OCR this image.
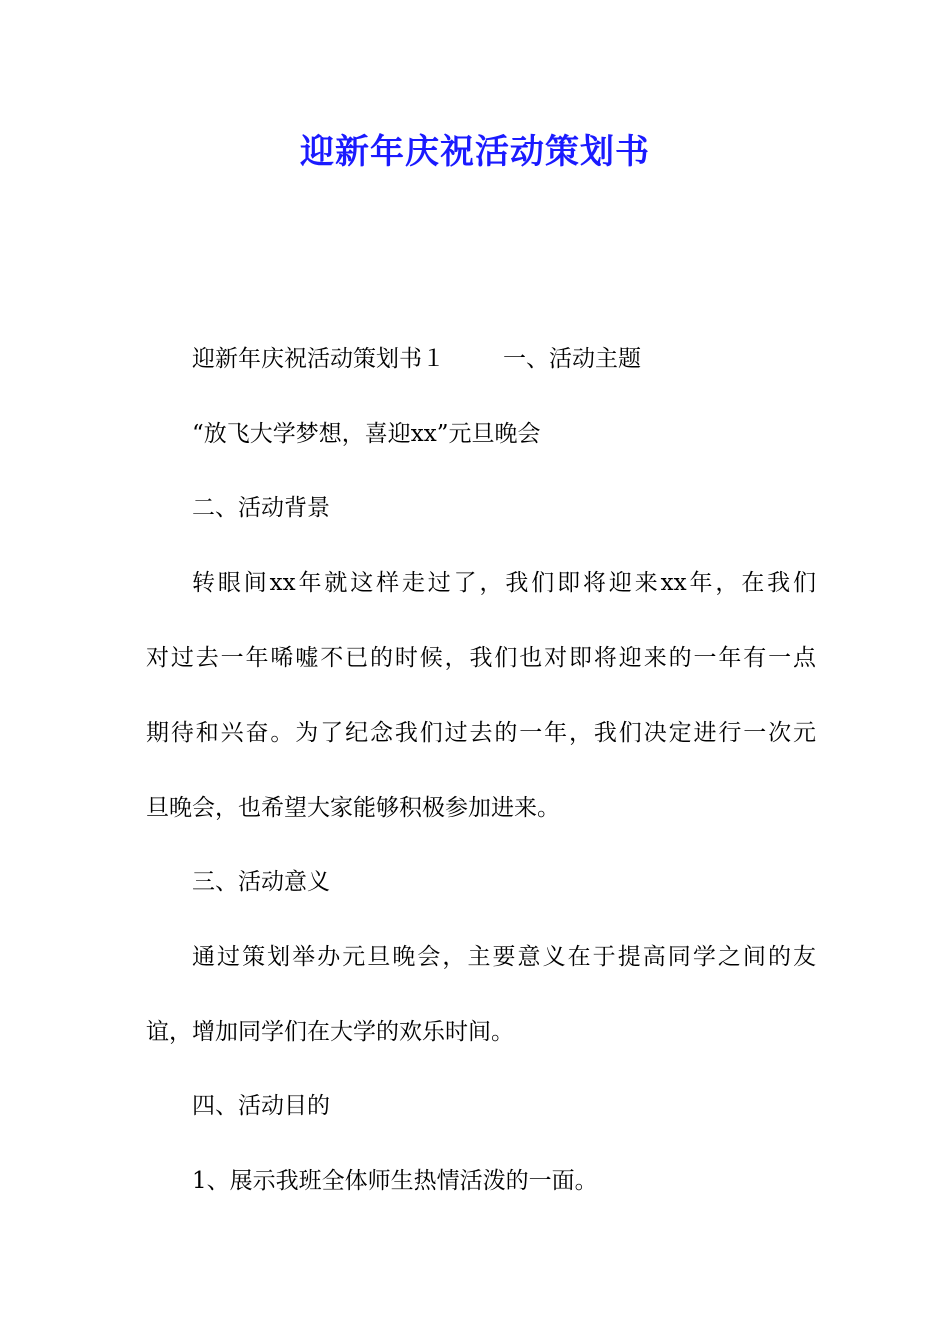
迎新年庆祝活动策划书
迎新年庆祝活动策划书１	一、活动主题
“放飞大学梦想，喜迎xx”元旦晚会
二、活动背景
转眼间xx年就这样走过了，我们即将迎来xx年，在我们
对过去一年唏嘘不已的时候，我们也对即将迎来的一年有一点
期待和兴奋。为了纪念我们过去的一年，我们决定进行一次元
旦晚会，也希望大家能够积极参加进来。
三、活动意义
通过策划举办元旦晚会，主要意义在于提高同学之间的友
谊，增加同学们在大学的欢乐时间。
四、活动目的
1、展示我班全体师生热情活泼的一面。
